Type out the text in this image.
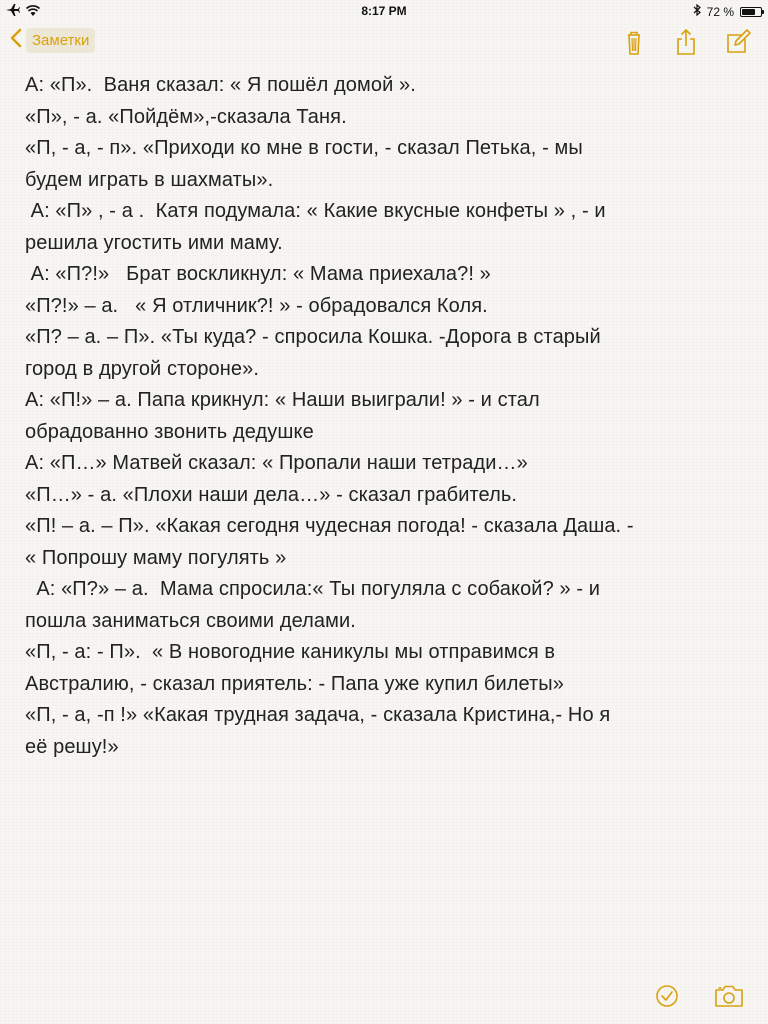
8:17 PM	72 %
Заметки
А: «П».  Ваня сказал: « Я пошёл домой ».
«П», - а. «Пойдём»,-сказала Таня.
«П, - а, - п». «Приходи ко мне в гости, - сказал Петька, - мы
будем играть в шахматы».
А: «П» , - а .  Катя подумала: « Какие вкусные конфеты » , - и
решила угостить ими маму.
А: «П?!»   Брат воскликнул: « Мама приехала?! »
«П?!» – а.   « Я отличник?! » - обрадовался Коля.
«П? – а. – П». «Ты куда? - спросила Кошка. -Дорога в старый
город в другой стороне».
А: «П!» – а. Папа крикнул: « Наши выиграли! » - и стал
обрадованно звонить дедушке
А: «П…» Матвей сказал: « Пропали наши тетради…»
«П…» - а. «Плохи наши дела…» - сказал грабитель.
«П! – а. – П». «Какая сегодня чудесная погода! - сказала Даша. -
« Попрошу маму погулять »
А: «П?» – а.  Мама спросила:« Ты погуляла с собакой? » - и
пошла заниматься своими делами.
«П, - а: - П».  « В новогодние каникулы мы отправимся в
Австралию, - сказал приятель: - Папа уже купил билеты»
«П, - а, -п !» «Какая трудная задача, - сказала Кристина,- Но я
её решу!»
